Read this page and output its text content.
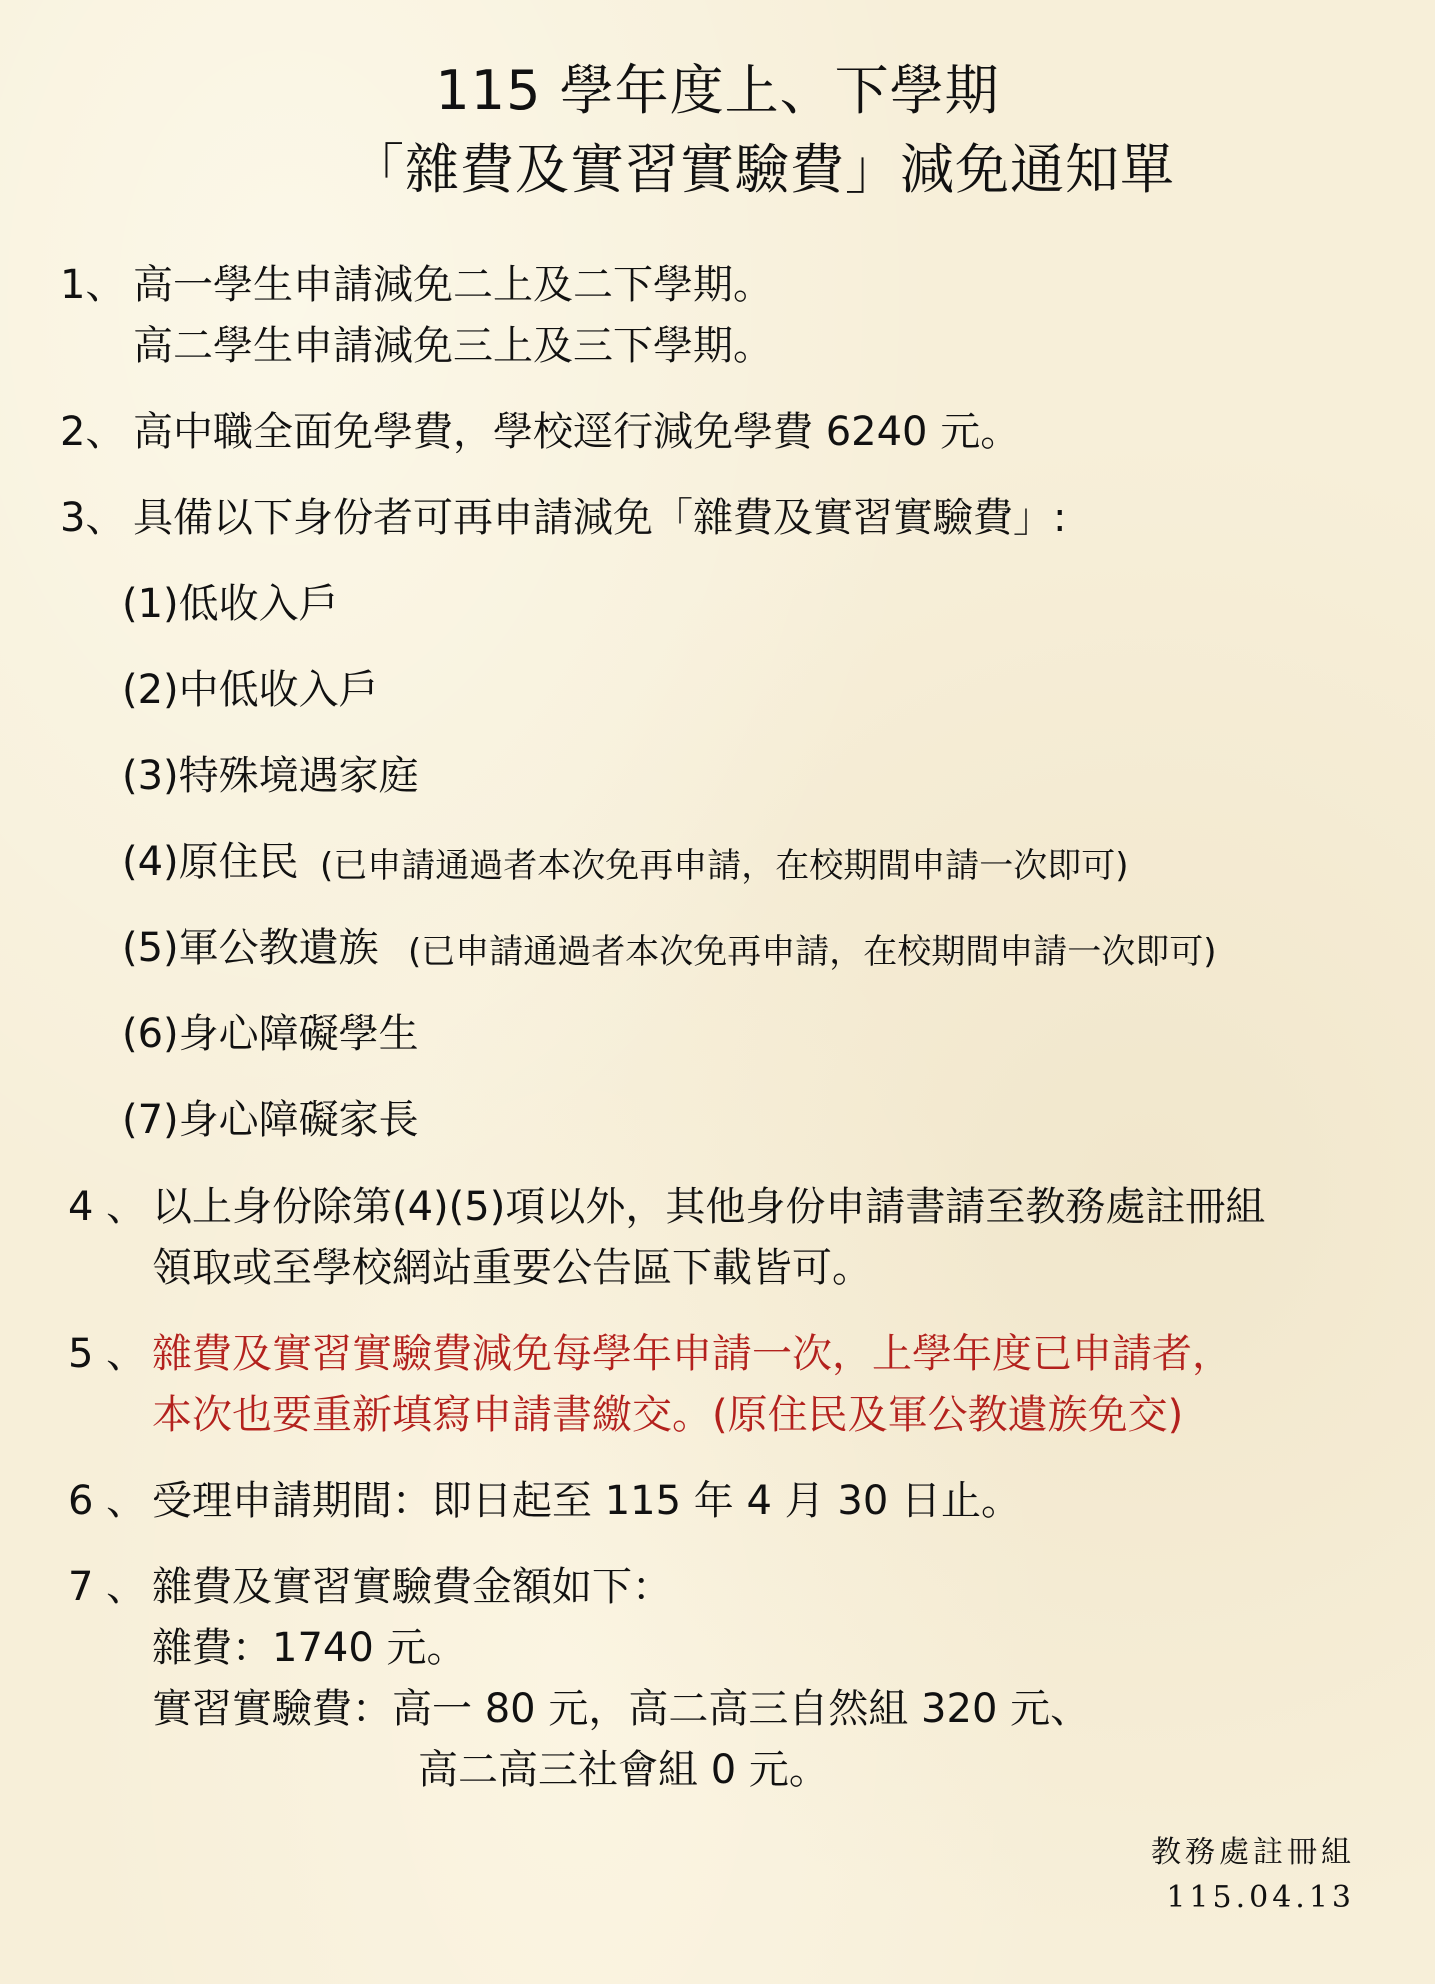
115 學年度上、下學期
「雜費及實習實驗費」減免通知單
1、 高一學生申請減免二上及二下學期。
高二學生申請減免三上及三下學期。
2、 高中職全面免學費，學校逕行減免學費 6240 元。
3、 具備以下身份者可再申請減免「雜費及實習實驗費」:
(1)低收入戶
(2)中低收入戶
(3)特殊境遇家庭
(4)原住民 (已申請通過者本次免再申請，在校期間申請一次即可)
(5)軍公教遺族 (已申請通過者本次免再申請，在校期間申請一次即可)
(6)身心障礙學生
(7)身心障礙家長
4 、 以上身份除第(4)(5)項以外，其他身份申請書請至教務處註冊組
領取或至學校網站重要公告區下載皆可。
5 、 雜費及實習實驗費減免每學年申請一次，上學年度已申請者，
本次也要重新填寫申請書繳交。(原住民及軍公教遺族免交)
6 、 受理申請期間：即日起至 115 年 4 月 30 日止。
7 、 雜費及實習實驗費金額如下：
雜費：1740 元。
實習實驗費：高一 80 元，高二高三自然組 320 元、
高二高三社會組 0 元。
教務處註冊組
115.04.13
